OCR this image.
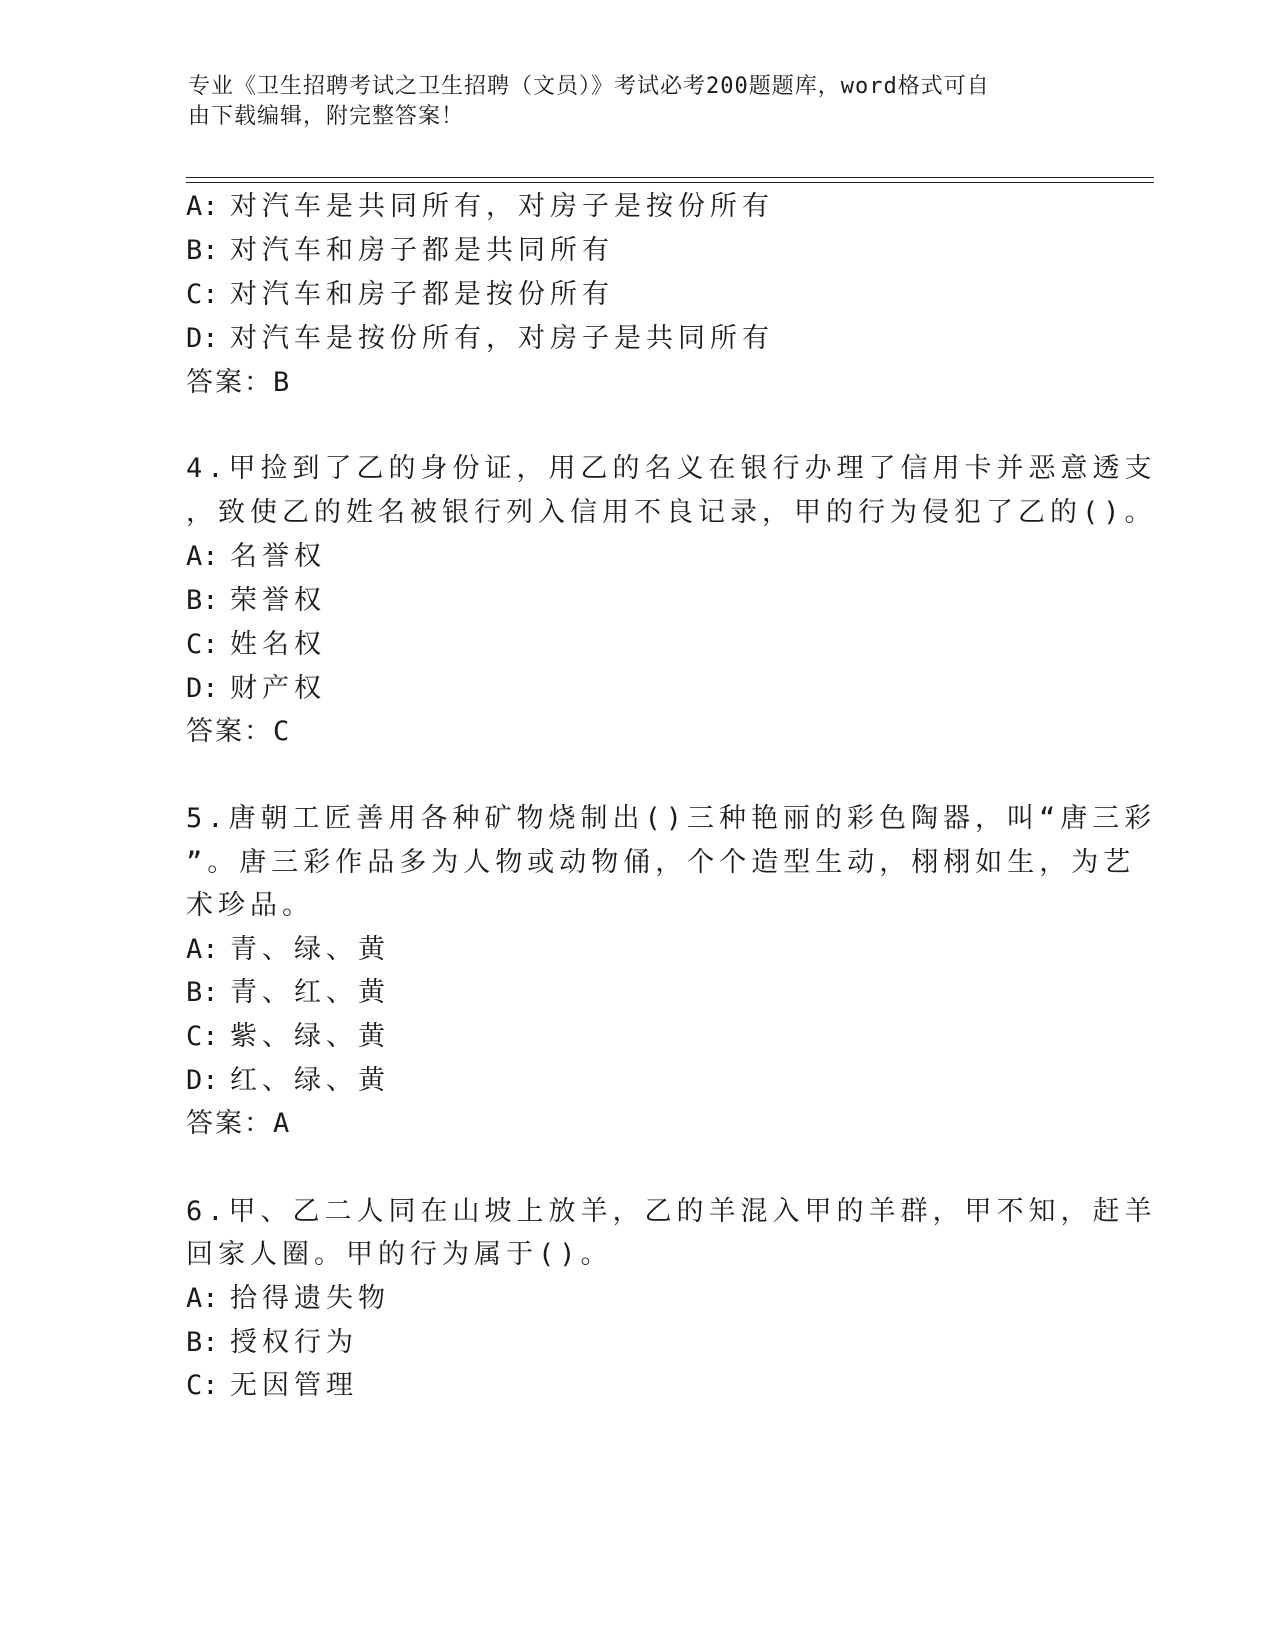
专业《卫生招聘考试之卫生招聘（文员）》考试必考200题题库，word格式可自
由下载编辑，附完整答案！
A: 对汽车是共同所有，对房子是按份所有
B: 对汽车和房子都是共同所有
C: 对汽车和房子都是按份所有
D: 对汽车是按份所有，对房子是共同所有
答案：B
4.甲捡到了乙的身份证，用乙的名义在银行办理了信用卡并恶意透支
，致使乙的姓名被银行列入信用不良记录，甲的行为侵犯了乙的()。
A: 名誉权
B: 荣誉权
C: 姓名权
D: 财产权
答案：C
5.唐朝工匠善用各种矿物烧制出()三种艳丽的彩色陶器，叫“唐三彩
”。唐三彩作品多为人物或动物俑，个个造型生动，栩栩如生，为艺
术珍品。
A: 青、绿、黄
B: 青、红、黄
C: 紫、绿、黄
D: 红、绿、黄
答案：A
6.甲、乙二人同在山坡上放羊，乙的羊混入甲的羊群，甲不知，赶羊
回家人圈。甲的行为属于()。
A: 拾得遗失物
B: 授权行为
C: 无因管理
